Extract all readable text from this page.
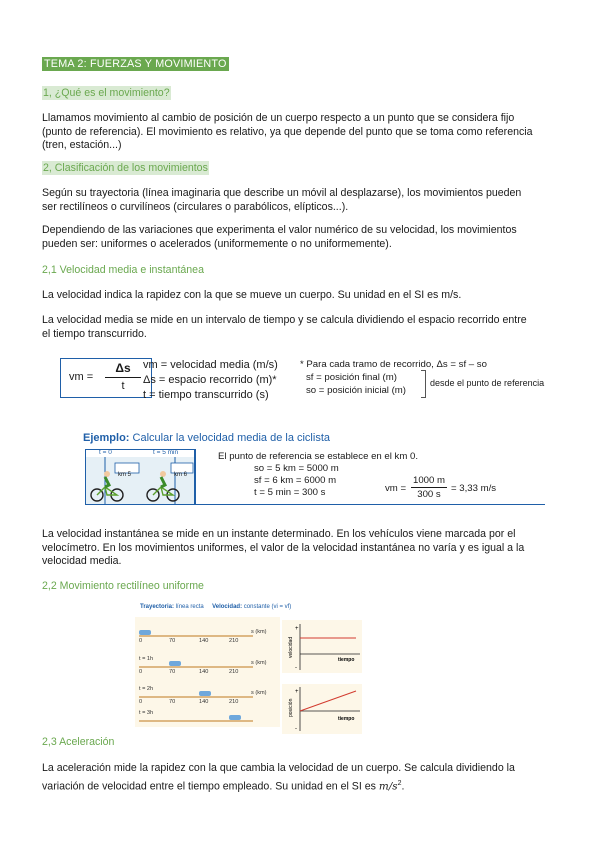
TEMA 2: FUERZAS Y MOVIMIENTO
1, ¿Qué es el movimiento?
Llamamos movimiento al cambio de posición de un cuerpo respecto a un punto que se considera fijo
(punto de referencia). El movimiento es relativo, ya que depende del punto que se toma como referencia
(tren, estación...)
2, Clasificación de los movimientos
Según su trayectoria (línea imaginaria que describe un móvil al desplazarse), los movimientos pueden
ser rectilíneos o curvilíneos (circulares o parabólicos, elípticos...).
Dependiendo de las variaciones que experimenta el valor numérico de su velocidad, los movimientos
pueden ser: uniformes o acelerados (uniformemente o no uniformemente).
2,1 Velocidad media e instantánea
La velocidad indica la rapidez con la que se mueve un cuerpo. Su unidad en el SI es m/s.
La velocidad media se mide en un intervalo de tiempo y se calcula dividiendo el espacio recorrido entre
el tiempo transcurrido.
vm =
Δs
t
vm = velocidad media (m/s)
Δs = espacio recorrido (m)*
t = tiempo transcurrido (s)
* Para cada tramo de recorrido, Δs = sf – so
sf = posición final (m)
so = posición inicial (m)
desde el punto de referencia
Ejemplo: Calcular la velocidad media de la ciclista
t = 0	t = 5 min
km 5	km 6
El punto de referencia se establece en el km 0.
so = 5 km = 5000 m
sf = 6 km = 6000 m
t = 5 min = 300 s	vm =
1000 m
300 s
= 3,33 m/s
La velocidad instantánea se mide en un instante determinado. En los vehículos viene marcada por el
velocímetro. En los movimientos uniformes, el valor de la velocidad instantánea no varía y es igual a la
velocidad media.
2,2 Movimiento rectilíneo uniforme
Trayectoria: línea recta Velocidad: constante (vi = vf)
0	70	140	210
s (km)
t = 1h
0	70	140	210
s (km)
t = 2h
0	70	140	210
s (km)
t = 3h
+
-
velocidad
tiempo
+
-
posición
tiempo
2,3 Aceleración
La aceleración mide la rapidez con la que cambia la velocidad de un cuerpo. Se calcula dividiendo la
variación de velocidad entre el tiempo empleado. Su unidad en el SI es $m/s^2$.
